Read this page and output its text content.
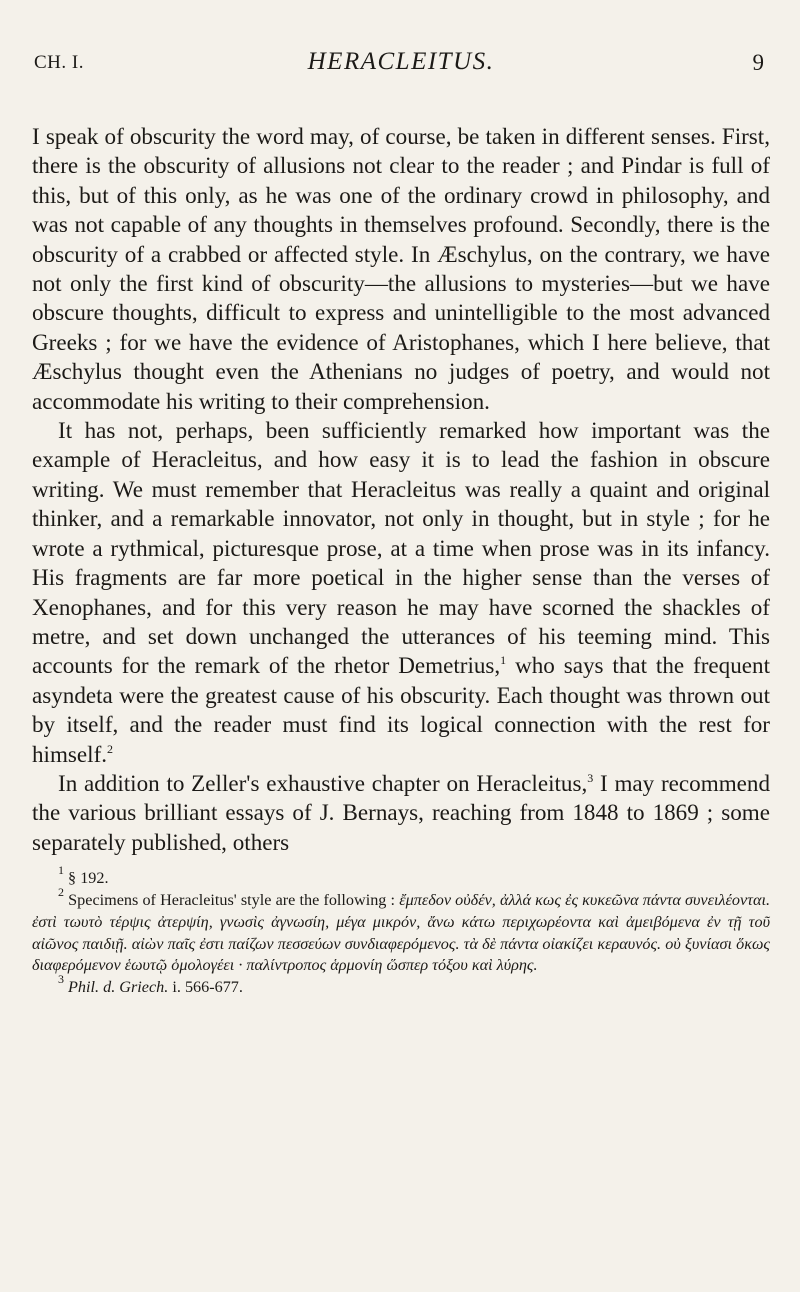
CH. I.	HERACLEITUS.	9

I speak of obscurity the word may, of course, be taken in different senses. First, there is the obscurity of allusions not clear to the reader ; and Pindar is full of this, but of this only, as he was one of the ordinary crowd in philosophy, and was not capable of any thoughts in themselves profound. Secondly, there is the obscurity of a crabbed or affected style. In Æschylus, on the contrary, we have not only the first kind of obscurity—the allusions to mysteries—but we have obscure thoughts, difficult to express and unintelligible to the most advanced Greeks ; for we have the evidence of Aristophanes, which I here believe, that Æschylus thought even the Athenians no judges of poetry, and would not accommodate his writing to their comprehension.

It has not, perhaps, been sufficiently remarked how important was the example of Heracleitus, and how easy it is to lead the fashion in obscure writing. We must remember that Heracleitus was really a quaint and original thinker, and a remarkable innovator, not only in thought, but in style ; for he wrote a rythmical, picturesque prose, at a time when prose was in its infancy. His fragments are far more poetical in the higher sense than the verses of Xenophanes, and for this very reason he may have scorned the shackles of metre, and set down unchanged the utterances of his teeming mind. This accounts for the remark of the rhetor Demetrius,$^1$ who says that the frequent asyndeta were the greatest cause of his obscurity. Each thought was thrown out by itself, and the reader must find its logical connection with the rest for himself.$^2$

In addition to Zeller's exhaustive chapter on Heracleitus,$^3$ I may recommend the various brilliant essays of J. Bernays, reaching from 1848 to 1869 ; some separately published, others

$^1$ § 192.

$^2$ Specimens of Heracleitus' style are the following : ἔμπεδον οὐδέν, ἀλλά κως ἐς κυκεῶνα πάντα συνειλέονται. ἐστὶ τωυτὸ τέρψις ἀτερψίη, γνωσὶς ἀγνωσίη, μέγα μικρόν, ἄνω κάτω περιχωρέοντα καὶ ἀμειβόμενα ἐν τῇ τοῦ αἰῶνος παιδιῇ. αἰὼν παῖς ἐστι παίζων πεσσεύων συνδιαφερόμενος. τὰ δὲ πάντα οἰακίζει κεραυνός. οὐ ξυνίασι ὅκως διαφερόμενον ἑωυτῷ ὁμολογέει · παλίντροπος ἁρμονίη ὥσπερ τόξου καὶ λύρης.

$^3$ Phil. d. Griech. i. 566-677.
